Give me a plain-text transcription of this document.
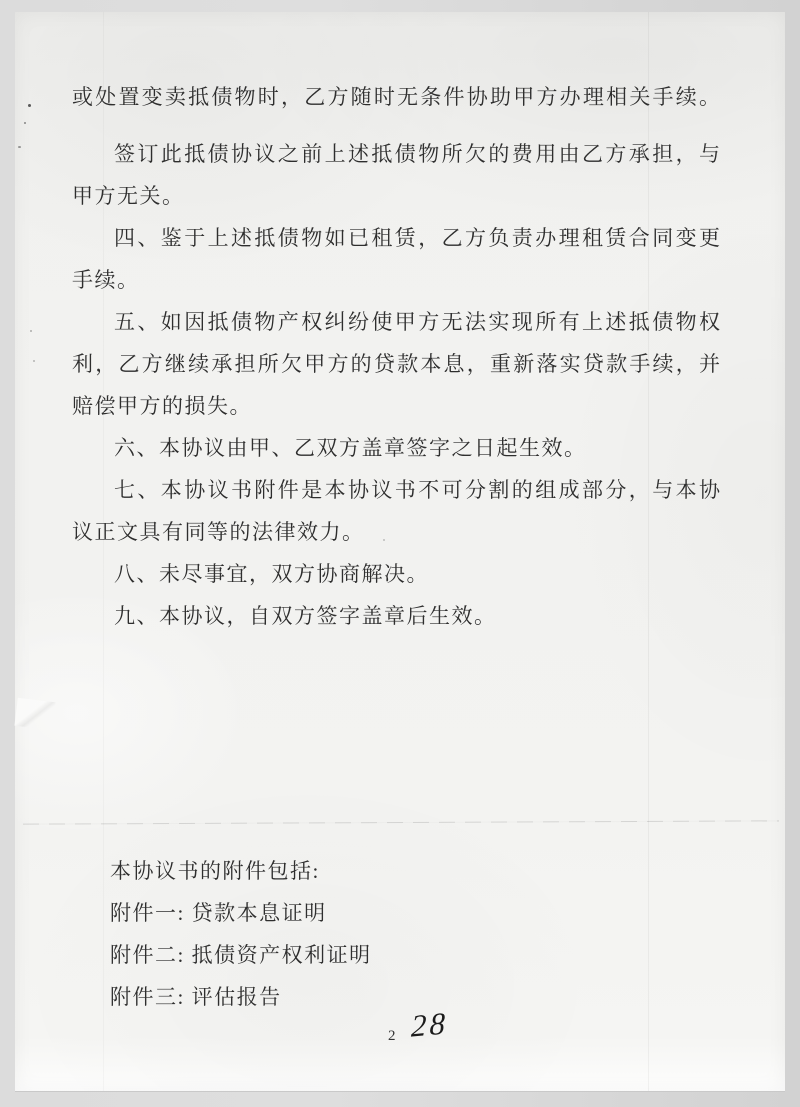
或处置变卖抵债物时，乙方随时无条件协助甲方办理相关手续。

签订此抵债协议之前上述抵债物所欠的费用由乙方承担，与

甲方无关。

四、鉴于上述抵债物如已租赁，乙方负责办理租赁合同变更

手续。

五、如因抵债物产权纠纷使甲方无法实现所有上述抵债物权

利，乙方继续承担所欠甲方的贷款本息，重新落实贷款手续，并

赔偿甲方的损失。

六、本协议由甲、乙双方盖章签字之日起生效。

七、本协议书附件是本协议书不可分割的组成部分，与本协

议正文具有同等的法律效力。

八、未尽事宜，双方协商解决。

九、本协议，自双方签字盖章后生效。

本协议书的附件包括:

附件一: 贷款本息证明

附件二: 抵债资产权利证明

附件三: 评估报告

2 28
